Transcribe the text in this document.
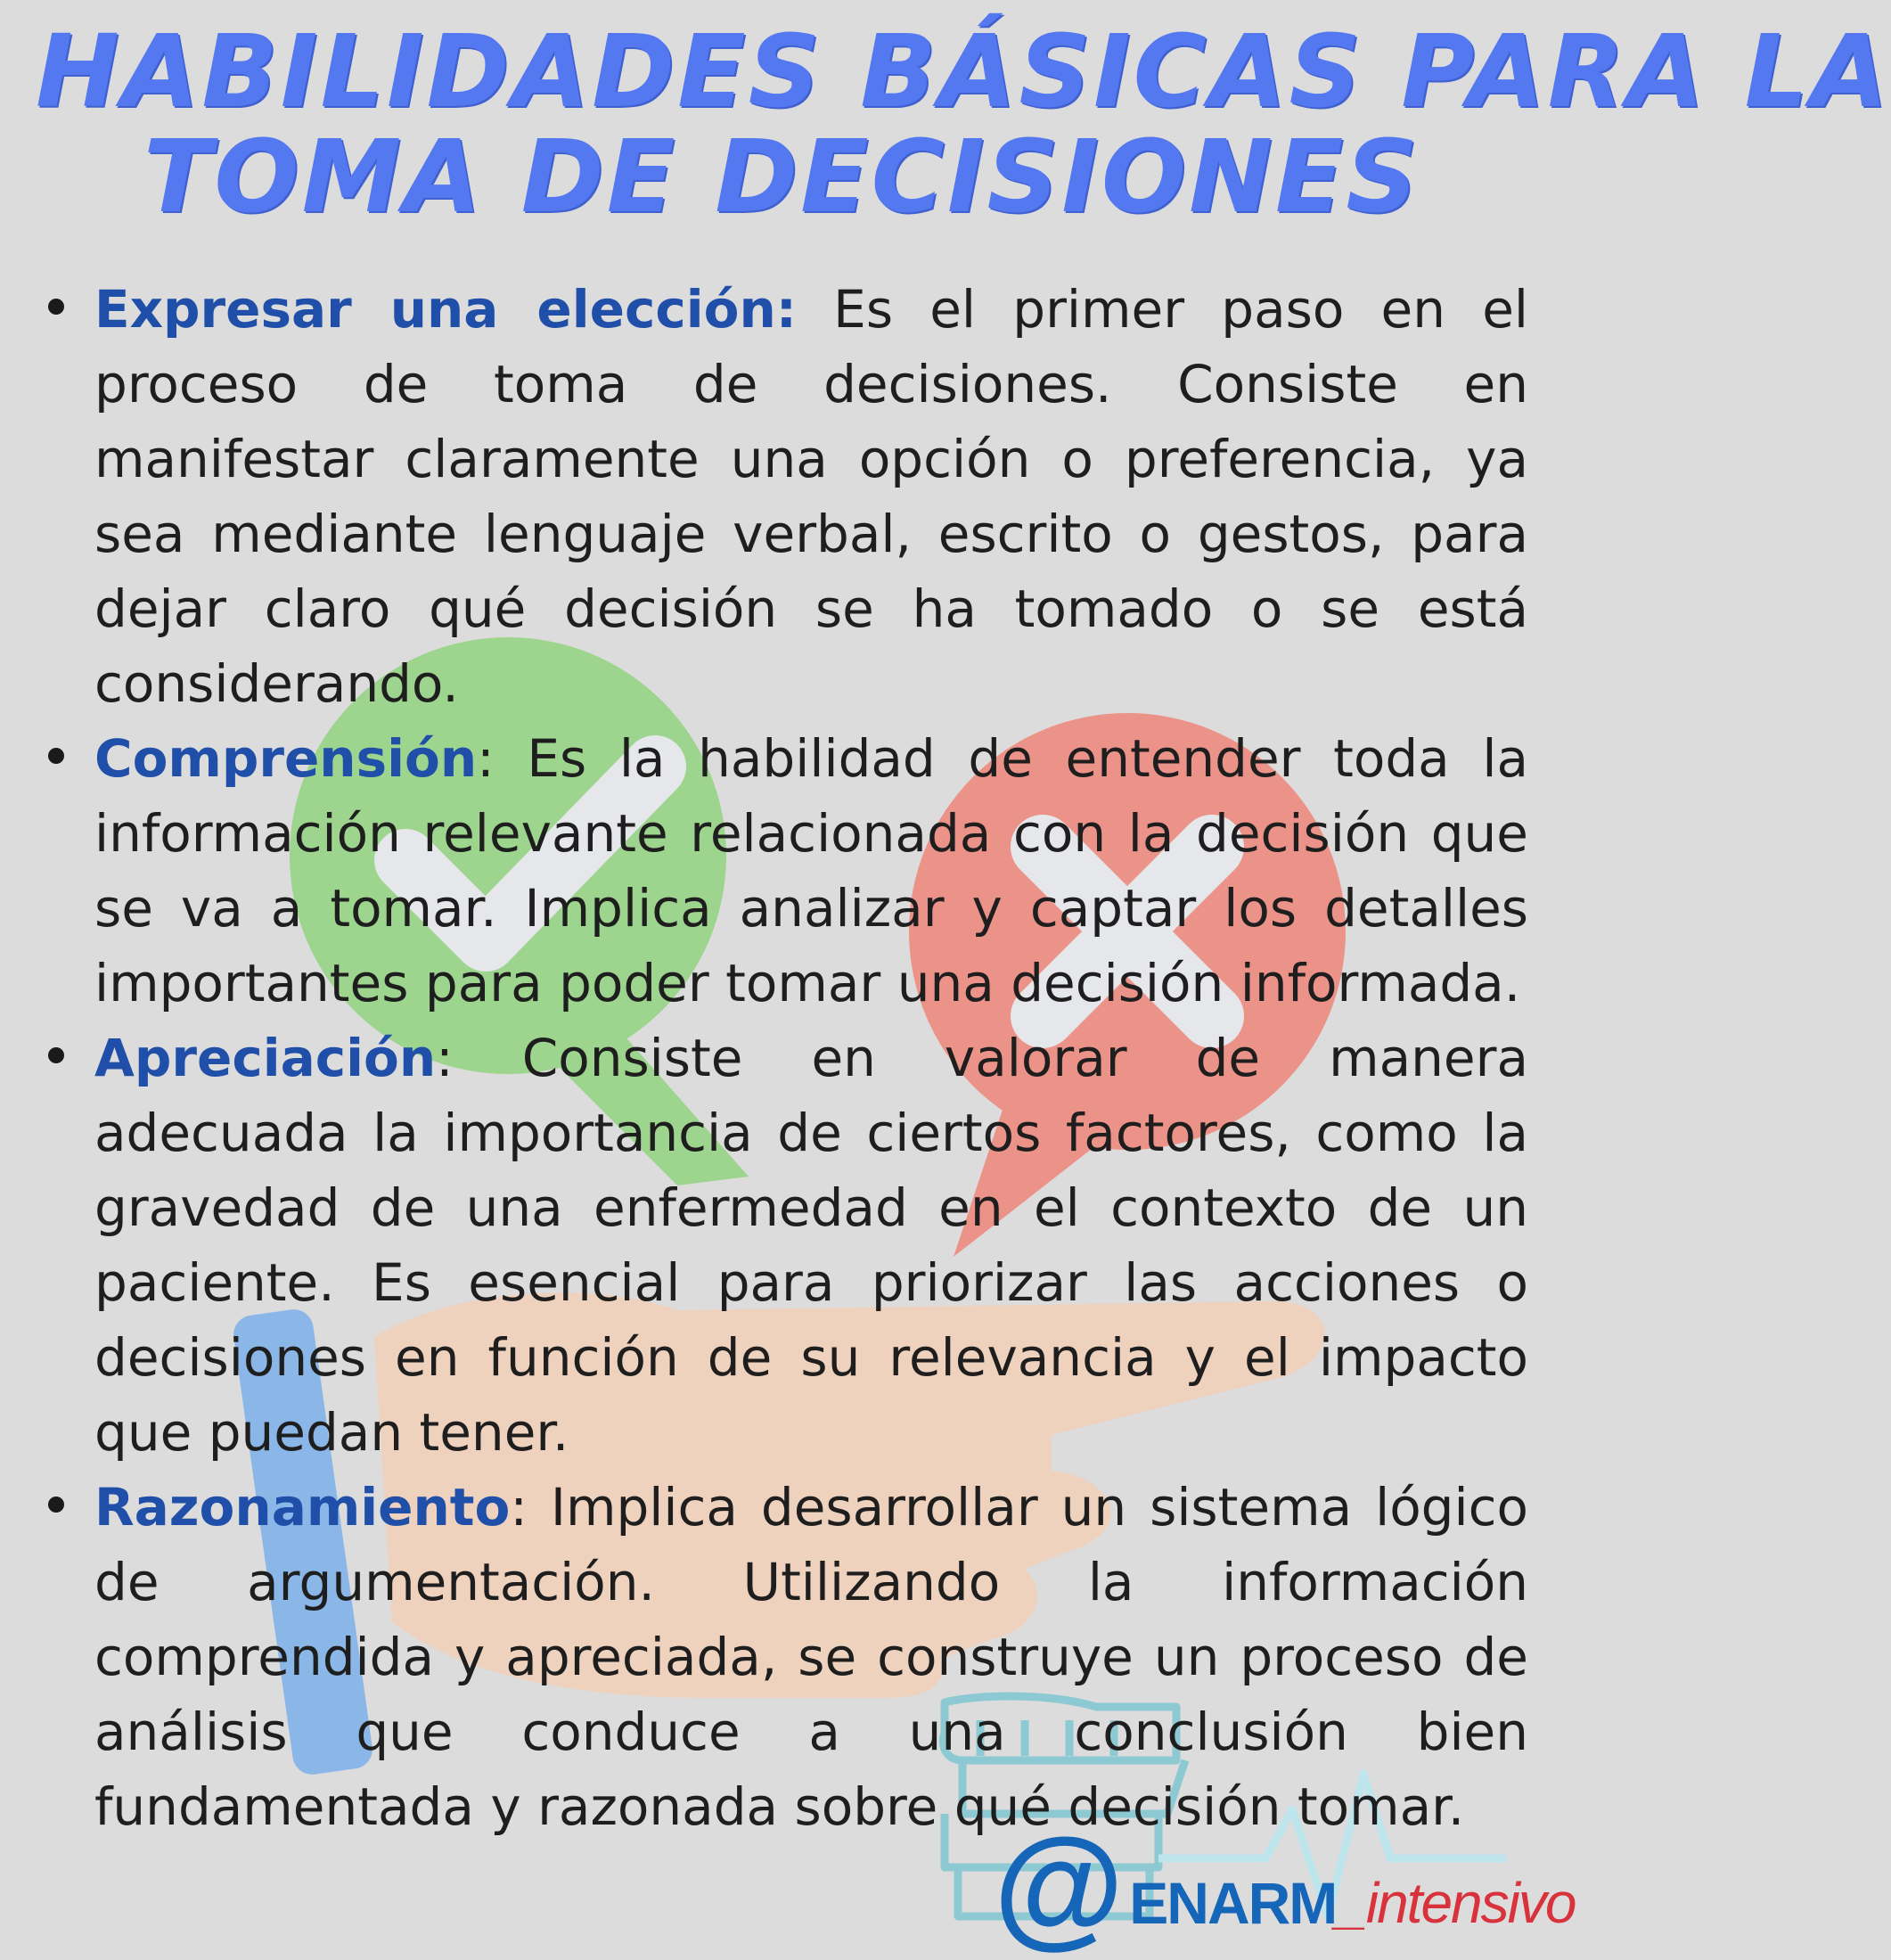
HABILIDADES BÁSICAS PARA LA
TOMA DE DECISIONES

Expresar una elección: Es el primer paso en el proceso de toma de decisiones. Consiste en manifestar claramente una opción o preferencia, ya sea mediante lenguaje verbal, escrito o gestos, para dejar claro qué decisión se ha tomado o se está considerando.

Comprensión: Es la habilidad de entender toda la información relevante relacionada con la decisión que se va a tomar. Implica analizar y captar los detalles importantes para poder tomar una decisión informada.

Apreciación: Consiste en valorar de manera adecuada la importancia de ciertos factores, como la gravedad de una enfermedad en el contexto de un paciente. Es esencial para priorizar las acciones o decisiones en función de su relevancia y el impacto que puedan tener.

Razonamiento: Implica desarrollar un sistema lógico de argumentación. Utilizando la información comprendida y apreciada, se construye un proceso de análisis que conduce a una conclusión bien fundamentada y razonada sobre qué decisión tomar.

@ ENARM _intensivo
